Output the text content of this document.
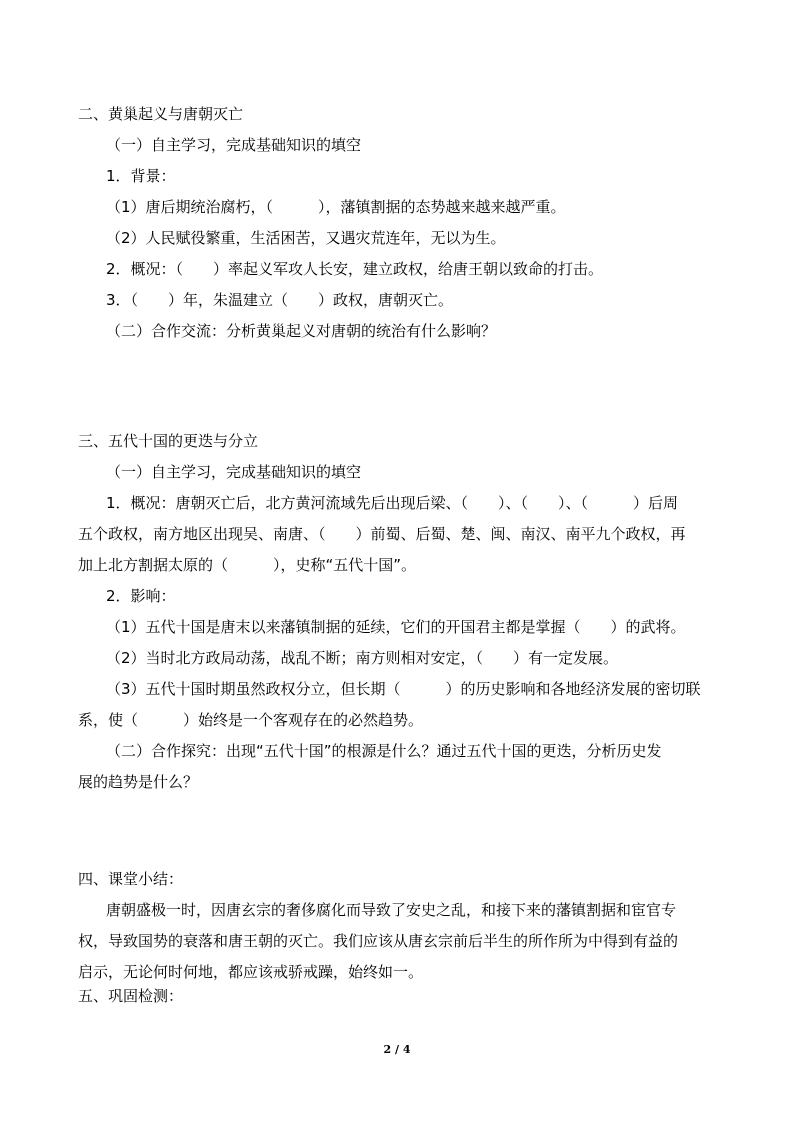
二、黄巢起义与唐朝灭亡
（一）自主学习，完成基础知识的填空
1．背景：
（1）唐后期统治腐朽，（　　　），藩镇割据的态势越来越来越严重。
（2）人民赋役繁重，生活困苦，又遇灾荒连年，无以为生。
2．概况：（　　）率起义军攻人长安，建立政权，给唐王朝以致命的打击。
3．（　　）年，朱温建立（　　）政权，唐朝灭亡。
（二）合作交流：分析黄巢起义对唐朝的统治有什么影响？
三、五代十国的更迭与分立
（一）自主学习，完成基础知识的填空
1．概况：唐朝灭亡后，北方黄河流域先后出现后梁、（　　）、（　　）、（　　　）后周
五个政权，南方地区出现吴、南唐、（　　）前蜀、后蜀、楚、闽、南汉、南平九个政权，再
加上北方割据太原的（　　　），史称“五代十国”。
2．影响：
（1）五代十国是唐末以来藩镇制据的延续，它们的开国君主都是掌握（　　）的武将。
（2）当时北方政局动荡，战乱不断；南方则相对安定，（　　）有一定发展。
（3）五代十国时期虽然政权分立，但长期（　　　）的历史影响和各地经济发展的密切联
系，使（　　　）始终是一个客观存在的必然趋势。
（二）合作探究：出现“五代十国”的根源是什么？通过五代十国的更迭，分析历史发
展的趋势是什么？
四、课堂小结：
唐朝盛极一时，因唐玄宗的奢侈腐化而导致了安史之乱，和接下来的藩镇割据和宦官专
权，导致国势的衰落和唐王朝的灭亡。我们应该从唐玄宗前后半生的所作所为中得到有益的
启示，无论何时何地，都应该戒骄戒躁，始终如一。
五、巩固检测：
2 / 4
